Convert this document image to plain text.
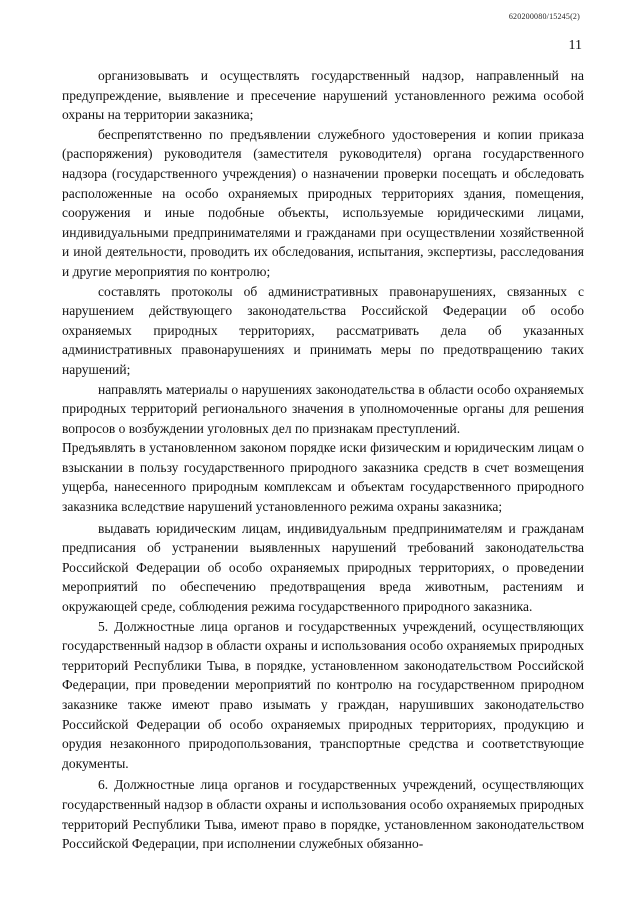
620200080/15245(2)
11

организовывать и осуществлять государственный надзор, направленный на предупреждение, выявление и пресечение нарушений установленного режима особой охраны на территории заказника;

беспрепятственно по предъявлении служебного удостоверения и копии приказа (распоряжения) руководителя (заместителя руководителя) органа государственного надзора (государственного учреждения) о назначении проверки посещать и обследовать расположенные на особо охраняемых природных территориях здания, помещения, сооружения и иные подобные объекты, используемые юридическими лицами, индивидуальными предпринимателями и гражданами при осуществлении хозяйственной и иной деятельности, проводить их обследования, испытания, экспертизы, расследования и другие мероприятия по контролю;

составлять протоколы об административных правонарушениях, связанных с нарушением действующего законодательства Российской Федерации об особо охраняемых природных территориях, рассматривать дела об указанных административных правонарушениях и принимать меры по предотвращению таких нарушений;

направлять материалы о нарушениях законодательства в области особо охраняемых природных территорий регионального значения в уполномоченные органы для решения вопросов о возбуждении уголовных дел по признакам преступлений.

Предъявлять в установленном законом порядке иски физическим и юридическим лицам о взыскании в пользу государственного природного заказника средств в счет возмещения ущерба, нанесенного природным комплексам и объектам государственного природного заказника вследствие нарушений установленного режима охраны заказника;

выдавать юридическим лицам, индивидуальным предпринимателям и гражданам предписания об устранении выявленных нарушений требований законодательства Российской Федерации об особо охраняемых природных территориях, о проведении мероприятий по обеспечению предотвращения вреда животным, растениям и окружающей среде, соблюдения режима государственного природного заказника.

5. Должностные лица органов и государственных учреждений, осуществляющих государственный надзор в области охраны и использования особо охраняемых природных территорий Республики Тыва, в порядке, установленном законодательством Российской Федерации, при проведении мероприятий по контролю на государственном природном заказнике также имеют право изымать у граждан, нарушивших законодательство Российской Федерации об особо охраняемых природных территориях, продукцию и орудия незаконного природопользования, транспортные средства и соответствующие документы.

6. Должностные лица органов и государственных учреждений, осуществляющих государственный надзор в области охраны и использования особо охраняемых природных территорий Республики Тыва, имеют право в порядке, установленном законодательством Российской Федерации, при исполнении служебных обязанно-
